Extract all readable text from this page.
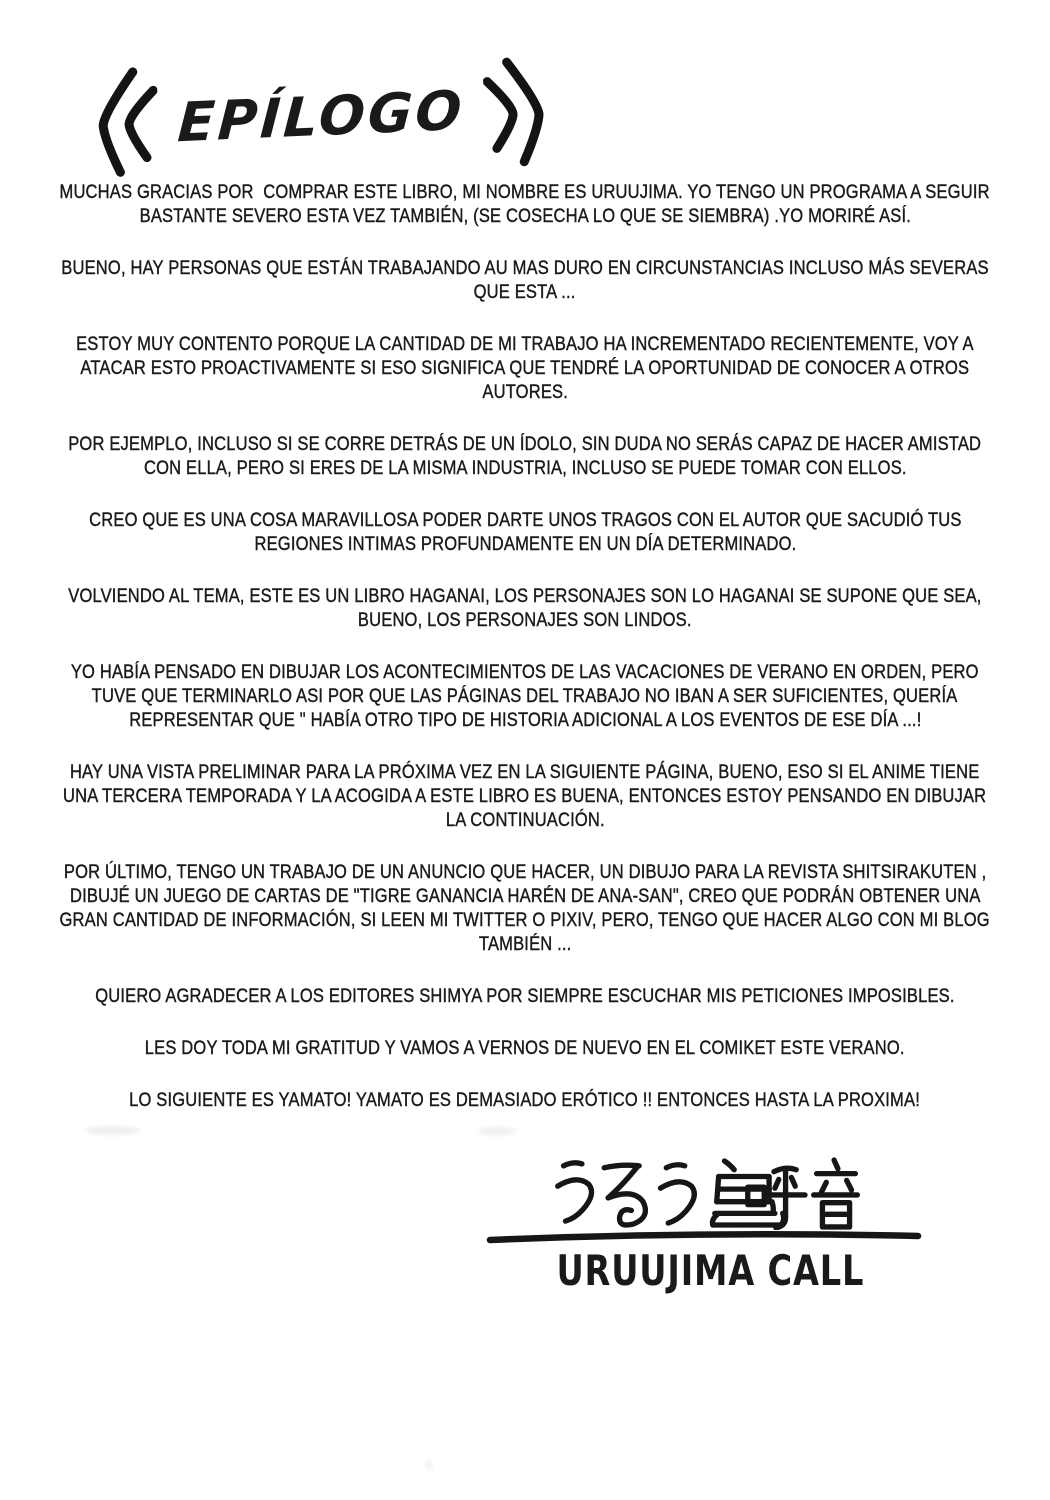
EPÍLOGO
MUCHAS GRACIAS POR  COMPRAR ESTE LIBRO, MI NOMBRE ES URUUJIMA. YO TENGO UN PROGRAMA A SEGUIR
BASTANTE SEVERO ESTA VEZ TAMBIÉN, (SE COSECHA LO QUE SE SIEMBRA) .YO MORIRÉ ASÍ.
BUENO, HAY PERSONAS QUE ESTÁN TRABAJANDO AU MAS DURO EN CIRCUNSTANCIAS INCLUSO MÁS SEVERAS
QUE ESTA ...
ESTOY MUY CONTENTO PORQUE LA CANTIDAD DE MI TRABAJO HA INCREMENTADO RECIENTEMENTE, VOY A
ATACAR ESTO PROACTIVAMENTE SI ESO SIGNIFICA QUE TENDRÉ LA OPORTUNIDAD DE CONOCER A OTROS
AUTORES.
POR EJEMPLO, INCLUSO SI SE CORRE DETRÁS DE UN ÍDOLO, SIN DUDA NO SERÁS CAPAZ DE HACER AMISTAD
CON ELLA, PERO SI ERES DE LA MISMA INDUSTRIA, INCLUSO SE PUEDE TOMAR CON ELLOS.
CREO QUE ES UNA COSA MARAVILLOSA PODER DARTE UNOS TRAGOS CON EL AUTOR QUE SACUDIÓ TUS
REGIONES INTIMAS PROFUNDAMENTE EN UN DÍA DETERMINADO.
VOLVIENDO AL TEMA, ESTE ES UN LIBRO HAGANAI, LOS PERSONAJES SON LO HAGANAI SE SUPONE QUE SEA,
BUENO, LOS PERSONAJES SON LINDOS.
YO HABÍA PENSADO EN DIBUJAR LOS ACONTECIMIENTOS DE LAS VACACIONES DE VERANO EN ORDEN, PERO
TUVE QUE TERMINARLO ASI POR QUE LAS PÁGINAS DEL TRABAJO NO IBAN A SER SUFICIENTES, QUERÍA
REPRESENTAR QUE " HABÍA OTRO TIPO DE HISTORIA ADICIONAL A LOS EVENTOS DE ESE DÍA ...!
HAY UNA VISTA PRELIMINAR PARA LA PRÓXIMA VEZ EN LA SIGUIENTE PÁGINA, BUENO, ESO SI EL ANIME TIENE
UNA TERCERA TEMPORADA Y LA ACOGIDA A ESTE LIBRO ES BUENA, ENTONCES ESTOY PENSANDO EN DIBUJAR
LA CONTINUACIÓN.
POR ÚLTIMO, TENGO UN TRABAJO DE UN ANUNCIO QUE HACER, UN DIBUJO PARA LA REVISTA SHITSIRAKUTEN ,
DIBUJÉ UN JUEGO DE CARTAS DE "TIGRE GANANCIA HARÉN DE ANA-SAN", CREO QUE PODRÁN OBTENER UNA
GRAN CANTIDAD DE INFORMACIÓN, SI LEEN MI TWITTER O PIXIV, PERO, TENGO QUE HACER ALGO CON MI BLOG
TAMBIÉN ...
QUIERO AGRADECER A LOS EDITORES SHIMYA POR SIEMPRE ESCUCHAR MIS PETICIONES IMPOSIBLES.
LES DOY TODA MI GRATITUD Y VAMOS A VERNOS DE NUEVO EN EL COMIKET ESTE VERANO.
LO SIGUIENTE ES YAMATO! YAMATO ES DEMASIADO ERÓTICO !! ENTONCES HASTA LA PROXIMA!
URUUJIMA CALL
